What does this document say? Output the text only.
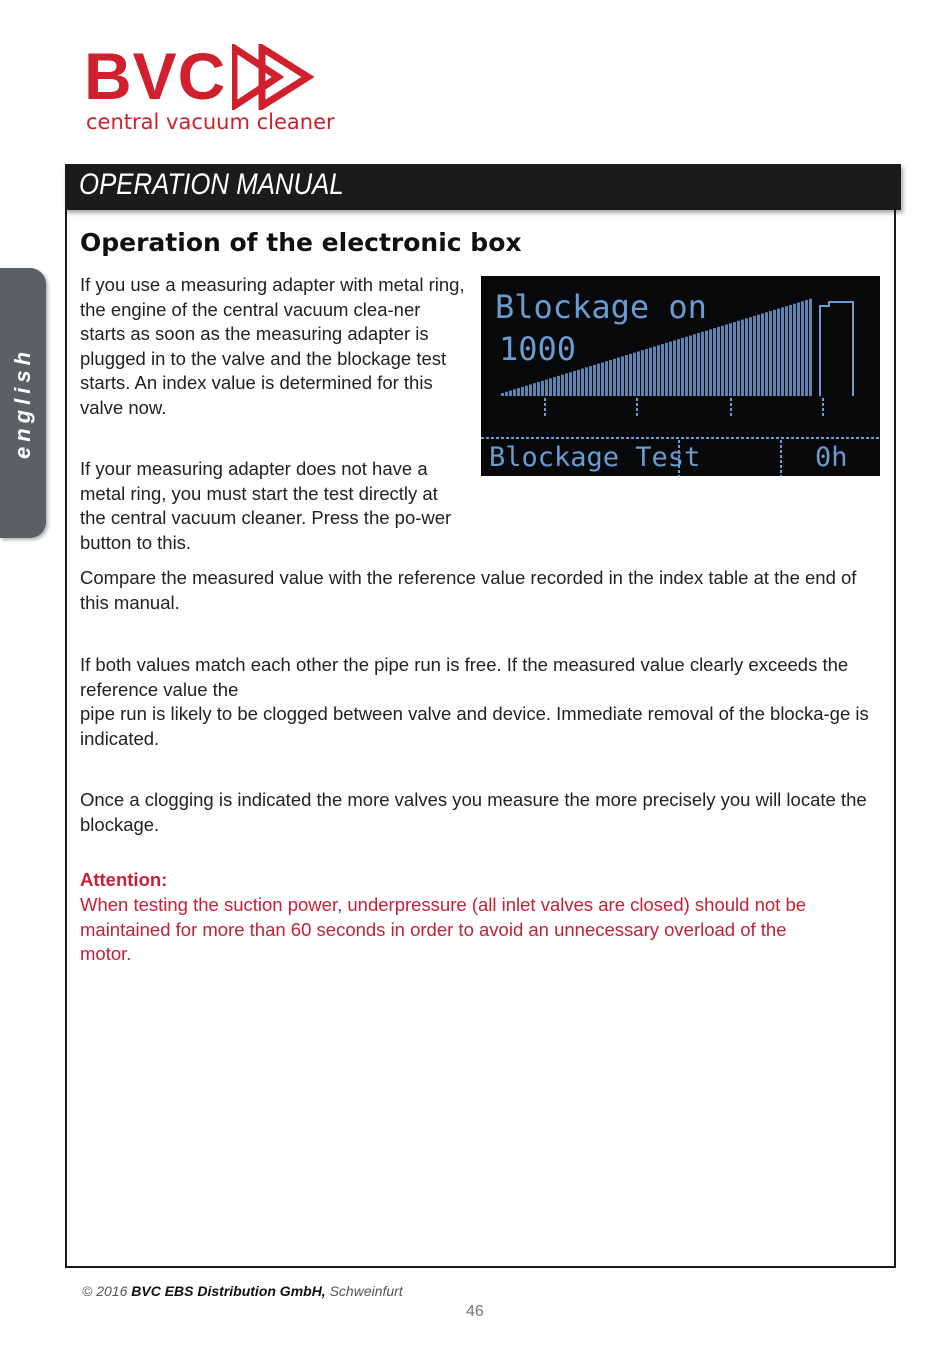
BVC
central vacuum cleaner
OPERATION MANUAL
english
Operation of the electronic box

If you use a measuring adapter with metal ring, the engine of the central vacuum clea-ner starts as soon as the measuring adapter is plugged in to the valve and the blockage test starts. An index value is determined for this valve now.

If your measuring adapter does not have a metal ring, you must start the test directly at the central vacuum cleaner. Press the po-wer button to this.

Compare the measured value with the reference value recorded in the index table at the end of this manual.

If both values match each other the pipe run is free. If the measured value clearly exceeds the reference value the

pipe run is likely to be clogged between valve and device. Immediate removal of the blocka-ge is indicated.

Once a clogging is indicated the more valves you measure the more precisely you will locate the blockage.

Attention:

When testing the suction power, underpressure (all inlet valves are closed) should not be maintained for more than 60 seconds in order to avoid an unnecessary overload of the motor.

Blockage on
1000
Blockage Test	0h
© 2016 BVC EBS Distribution GmbH, Schweinfurt
46
